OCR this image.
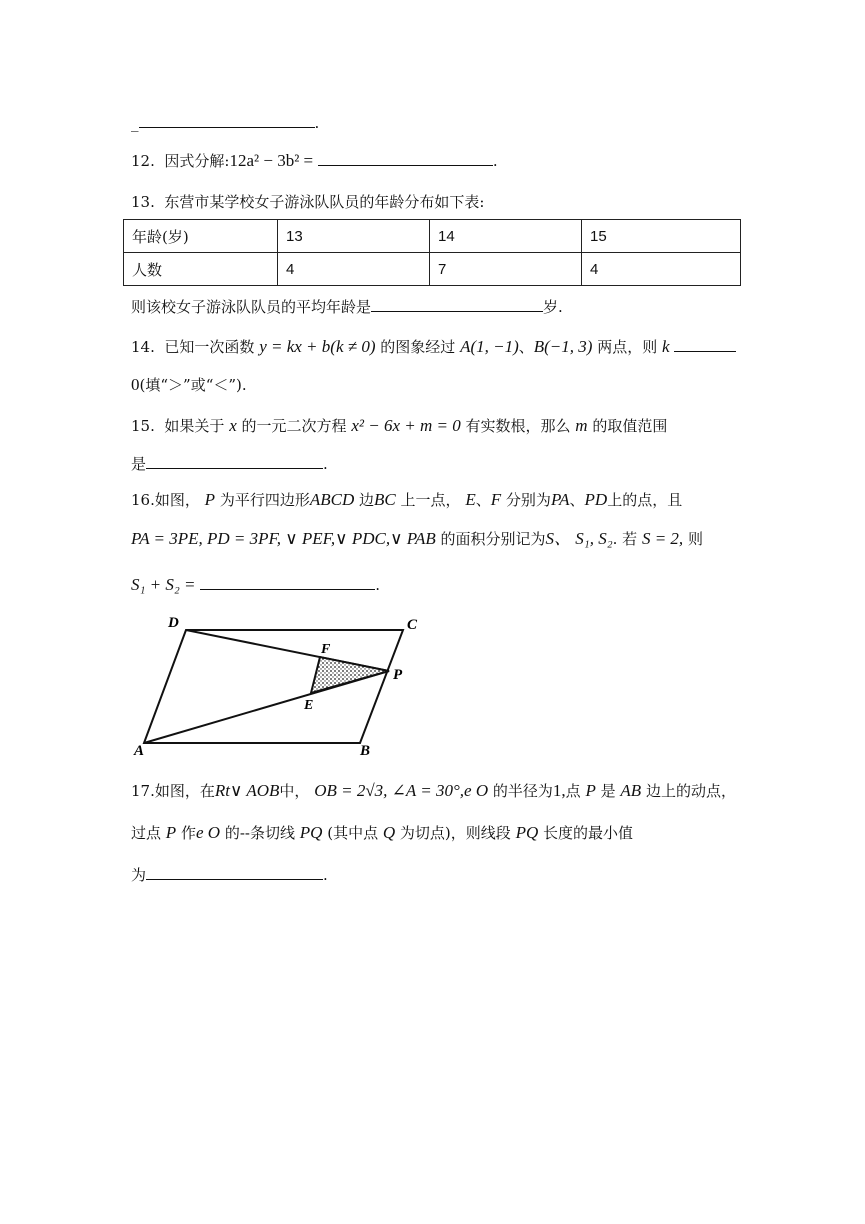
_	.
12. 因式分解:12a² − 3b² =	.
13. 东营市某学校女子游泳队队员的年龄分布如下表:
年龄(岁)	13	14	15
人数	4	7	4
则该校女子游泳队队员的平均年龄是	岁.
14. 已知一次函数 y = kx + b(k ≠ 0) 的图象经过 A(1, −1)、B(−1, 3) 两点，则 k
0(填“＞”或“＜”).
15. 如果关于 x 的一元二次方程 x² − 6x + m = 0 有实数根，那么 m 的取值范围
是	.
16.如图， P 为平行四边形ABCD 边BC 上一点， E、F 分别为PA、PD上的点，且
PA = 3PE, PD = 3PF, ∨ PEF,∨ PDC,∨ PAB 的面积分别记为S、 S₁, S₂. 若 S = 2, 则
S₁ + S₂ =	.
D	C
F
P
E
A	B
17.如图，在Rt∨ AOB中， OB = 2√3, ∠A = 30°,e O 的半径为1,点 P 是 AB 边上的动点，
过点 P 作e O 的--条切线 PQ (其中点 Q 为切点)，则线段 PQ 长度的最小值
为	.
